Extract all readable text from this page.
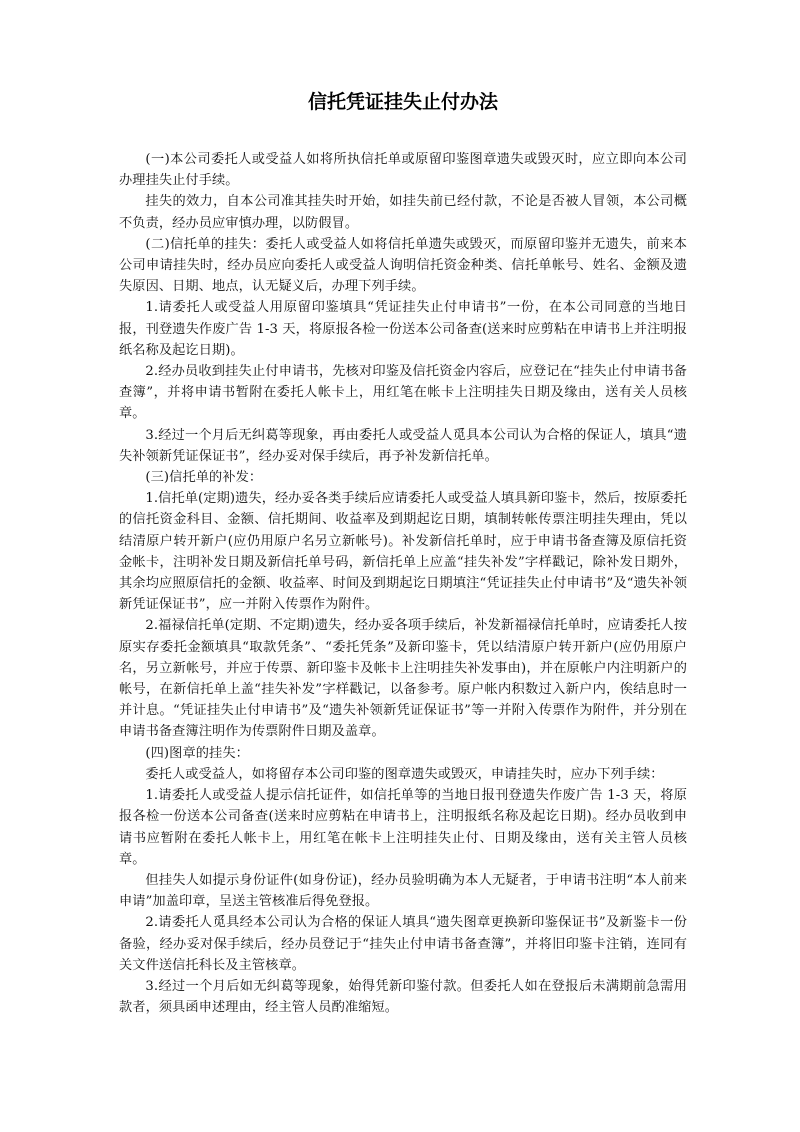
信托凭证挂失止付办法

(一)本公司委托人或受益人如将所执信托单或原留印鉴图章遗失或毁灭时，应立即向本公司办理挂失止付手续。

挂失的效力，自本公司准其挂失时开始，如挂失前已经付款，不论是否被人冒领，本公司概不负责，经办员应审慎办理，以防假冒。

(二)信托单的挂失：委托人或受益人如将信托单遗失或毁灭，而原留印鉴并无遗失，前来本公司申请挂失时，经办员应向委托人或受益人询明信托资金种类、信托单帐号、姓名、金额及遗失原因、日期、地点，认无疑义后，办理下列手续。

1.请委托人或受益人用原留印鉴填具“凭证挂失止付申请书”一份，在本公司同意的当地日报，刊登遗失作废广告 1-3 天，将原报各检一份送本公司备查(送来时应剪粘在申请书上并注明报纸名称及起讫日期)。

2.经办员收到挂失止付申请书，先核对印鉴及信托资金内容后，应登记在“挂失止付申请书备查簿”，并将申请书暂附在委托人帐卡上，用红笔在帐卡上注明挂失日期及缘由，送有关人员核章。

3.经过一个月后无纠葛等现象，再由委托人或受益人觅具本公司认为合格的保证人，填具“遗失补领新凭证保证书”，经办妥对保手续后，再予补发新信托单。

(三)信托单的补发：

1.信托单(定期)遗失，经办妥各类手续后应请委托人或受益人填具新印鉴卡，然后，按原委托的信托资金科目、金额、信托期间、收益率及到期起讫日期，填制转帐传票注明挂失理由，凭以结清原户转开新户(应仍用原户名另立新帐号)。补发新信托单时，应于申请书备查簿及原信托资金帐卡，注明补发日期及新信托单号码，新信托单上应盖“挂失补发”字样戳记，除补发日期外，其余均应照原信托的金额、收益率、时间及到期起讫日期填注“凭证挂失止付申请书”及“遗失补领新凭证保证书”，应一并附入传票作为附件。

2.福禄信托单(定期、不定期)遗失，经办妥各项手续后，补发新福禄信托单时，应请委托人按原实存委托金额填具“取款凭条”、“委托凭条”及新印鉴卡，凭以结清原户转开新户(应仍用原户名，另立新帐号，并应于传票、新印鉴卡及帐卡上注明挂失补发事由)，并在原帐户内注明新户的帐号，在新信托单上盖“挂失补发”字样戳记，以备参考。原户帐内积数过入新户内，俟结息时一并计息。“凭证挂失止付申请书”及“遗失补领新凭证保证书”等一并附入传票作为附件，并分别在申请书备查簿注明作为传票附件日期及盖章。

(四)图章的挂失：

委托人或受益人，如将留存本公司印鉴的图章遗失或毁灭，申请挂失时，应办下列手续：

1.请委托人或受益人提示信托证件，如信托单等的当地日报刊登遗失作废广告 1-3 天，将原报各检一份送本公司备查(送来时应剪粘在申请书上，注明报纸名称及起讫日期)。经办员收到申请书应暂附在委托人帐卡上，用红笔在帐卡上注明挂失止付、日期及缘由，送有关主管人员核章。

但挂失人如提示身份证件(如身份证)，经办员验明确为本人无疑者，于申请书注明“本人前来申请”加盖印章，呈送主管核准后得免登报。

2.请委托人觅具经本公司认为合格的保证人填具“遗失图章更换新印鉴保证书”及新鉴卡一份备验，经办妥对保手续后，经办员登记于“挂失止付申请书备查簿”，并将旧印鉴卡注销，连同有关文件送信托科长及主管核章。

3.经过一个月后如无纠葛等现象，始得凭新印鉴付款。但委托人如在登报后未满期前急需用款者，须具函申述理由，经主管人员酌准缩短。
